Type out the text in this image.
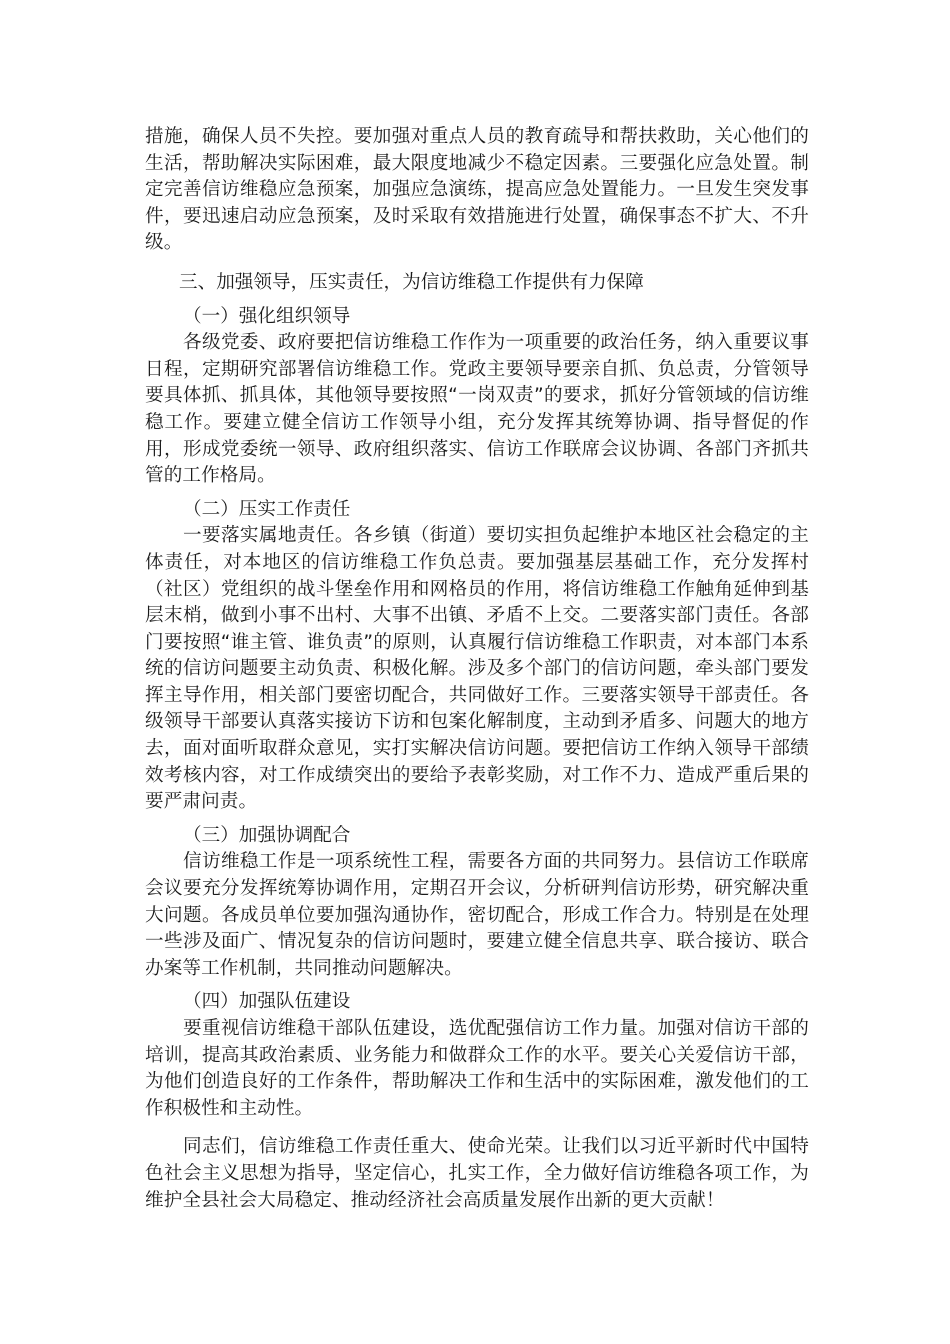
措施，确保人员不失控。要加强对重点人员的教育疏导和帮扶救助，关心他们的生活，帮助解决实际困难，最大限度地减少不稳定因素。三要强化应急处置。制定完善信访维稳应急预案，加强应急演练，提高应急处置能力。一旦发生突发事件，要迅速启动应急预案，及时采取有效措施进行处置，确保事态不扩大、不升级。

三、加强领导，压实责任，为信访维稳工作提供有力保障

（一）强化组织领导

各级党委、政府要把信访维稳工作作为一项重要的政治任务，纳入重要议事日程，定期研究部署信访维稳工作。党政主要领导要亲自抓、负总责，分管领导要具体抓、抓具体，其他领导要按照“一岗双责”的要求，抓好分管领域的信访维稳工作。要建立健全信访工作领导小组，充分发挥其统筹协调、指导督促的作用，形成党委统一领导、政府组织落实、信访工作联席会议协调、各部门齐抓共管的工作格局。

（二）压实工作责任

一要落实属地责任。各乡镇（街道）要切实担负起维护本地区社会稳定的主体责任，对本地区的信访维稳工作负总责。要加强基层基础工作，充分发挥村（社区）党组织的战斗堡垒作用和网格员的作用，将信访维稳工作触角延伸到基层末梢，做到小事不出村、大事不出镇、矛盾不上交。二要落实部门责任。各部门要按照“谁主管、谁负责”的原则，认真履行信访维稳工作职责，对本部门本系统的信访问题要主动负责、积极化解。涉及多个部门的信访问题，牵头部门要发挥主导作用，相关部门要密切配合，共同做好工作。三要落实领导干部责任。各级领导干部要认真落实接访下访和包案化解制度，主动到矛盾多、问题大的地方去，面对面听取群众意见，实打实解决信访问题。要把信访工作纳入领导干部绩效考核内容，对工作成绩突出的要给予表彰奖励，对工作不力、造成严重后果的要严肃问责。

（三）加强协调配合

信访维稳工作是一项系统性工程，需要各方面的共同努力。县信访工作联席会议要充分发挥统筹协调作用，定期召开会议，分析研判信访形势，研究解决重大问题。各成员单位要加强沟通协作，密切配合，形成工作合力。特别是在处理一些涉及面广、情况复杂的信访问题时，要建立健全信息共享、联合接访、联合办案等工作机制，共同推动问题解决。

（四）加强队伍建设

要重视信访维稳干部队伍建设，选优配强信访工作力量。加强对信访干部的培训，提高其政治素质、业务能力和做群众工作的水平。要关心关爱信访干部，为他们创造良好的工作条件，帮助解决工作和生活中的实际困难，激发他们的工作积极性和主动性。

同志们，信访维稳工作责任重大、使命光荣。让我们以习近平新时代中国特色社会主义思想为指导，坚定信心，扎实工作，全力做好信访维稳各项工作，为维护全县社会大局稳定、推动经济社会高质量发展作出新的更大贡献！
